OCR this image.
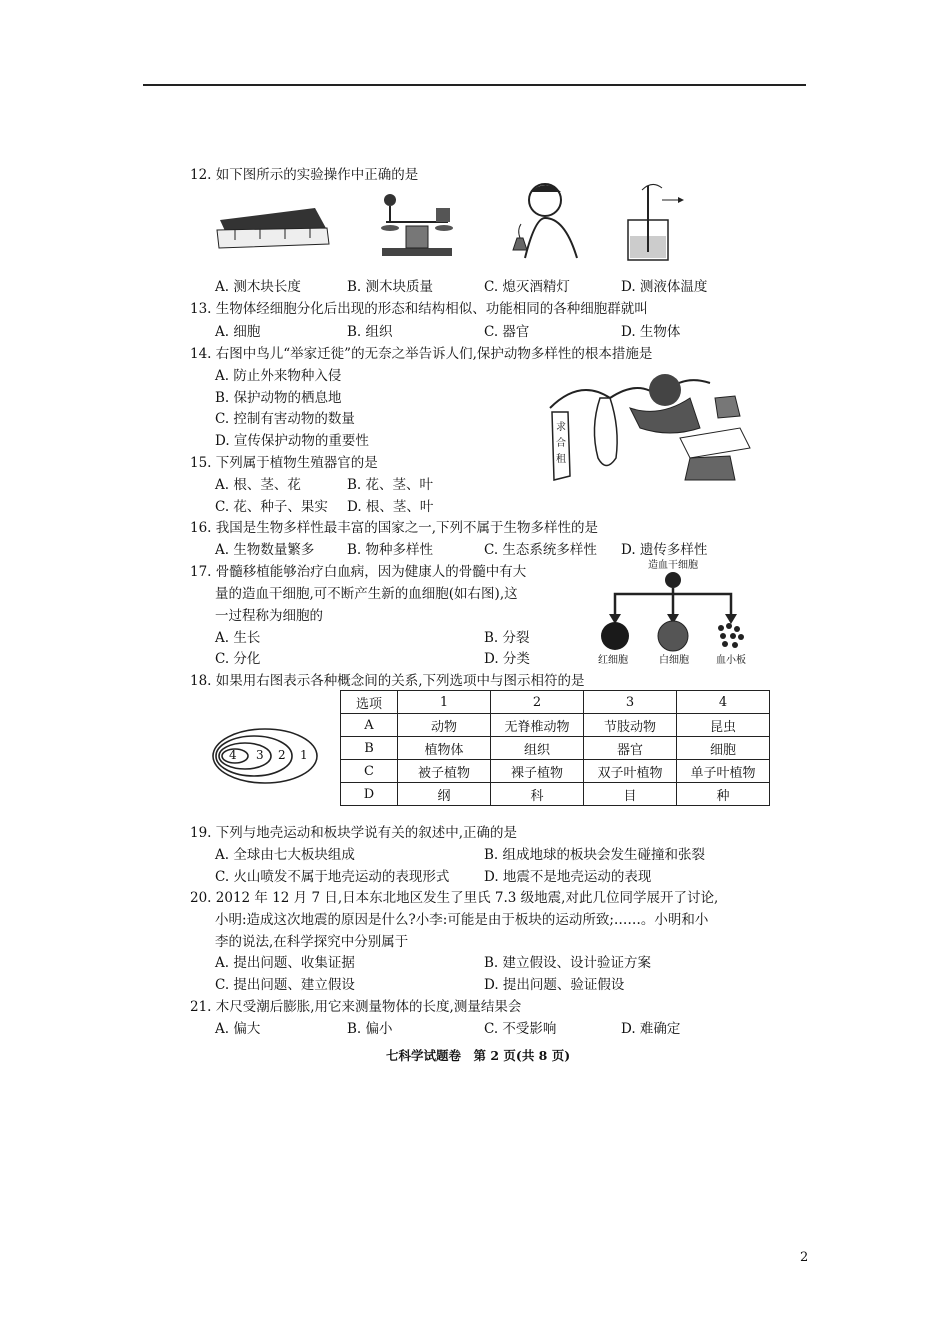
12. 如下图所示的实验操作中正确的是
A. 测木块长度	B. 测木块质量	C. 熄灭酒精灯	D. 测液体温度
13. 生物体经细胞分化后出现的形态和结构相似、功能相同的各种细胞群就叫
A. 细胞	B. 组织	C. 器官	D. 生物体
14. 右图中鸟儿“举家迁徙”的无奈之举告诉人们,保护动物多样性的根本措施是
A. 防止外来物种入侵
B. 保护动物的栖息地
C. 控制有害动物的数量
D. 宣传保护动物的重要性
求
合
租
15. 下列属于植物生殖器官的是
A. 根、茎、花	B. 花、茎、叶
C. 花、种子、果实 D. 根、茎、叶
16. 我国是生物多样性最丰富的国家之一,下列不属于生物多样性的是
A. 生物数量繁多 B. 物种多样性	C. 生态系统多样性 D. 遗传多样性
17. 骨髓移植能够治疗白血病，因为健康人的骨髓中有大
量的造血干细胞,可不断产生新的血细胞(如右图),这
一过程称为细胞的
A. 生长	B. 分裂
C. 分化	D. 分类
造血干细胞
红细胞	白细胞	血小板
18. 如果用右图表示各种概念间的关系,下列选项中与图示相符的是
4 3 2 1
选项	1	2	3	4
A	动物	无脊椎动物	节肢动物	昆虫
B	植物体	组织	器官	细胞
C	被子植物	裸子植物	双子叶植物	单子叶植物
D	纲	科	目	种
19. 下列与地壳运动和板块学说有关的叙述中,正确的是
A. 全球由七大板块组成	B. 组成地球的板块会发生碰撞和张裂
C. 火山喷发不属于地壳运动的表现形式	D. 地震不是地壳运动的表现
20. 2012 年 12 月 7 日,日本东北地区发生了里氏 7.3 级地震,对此几位同学展开了讨论,
小明:造成这次地震的原因是什么?小李:可能是由于板块的运动所致;……。小明和小
李的说法,在科学探究中分别属于
A. 提出问题、收集证据	B. 建立假设、设计验证方案
C. 提出问题、建立假设	D. 提出问题、验证假设
21. 木尺受潮后膨胀,用它来测量物体的长度,测量结果会
A. 偏大	B. 偏小	C. 不受影响	D. 难确定
七科学试题卷　第 2 页(共 8 页)
2
